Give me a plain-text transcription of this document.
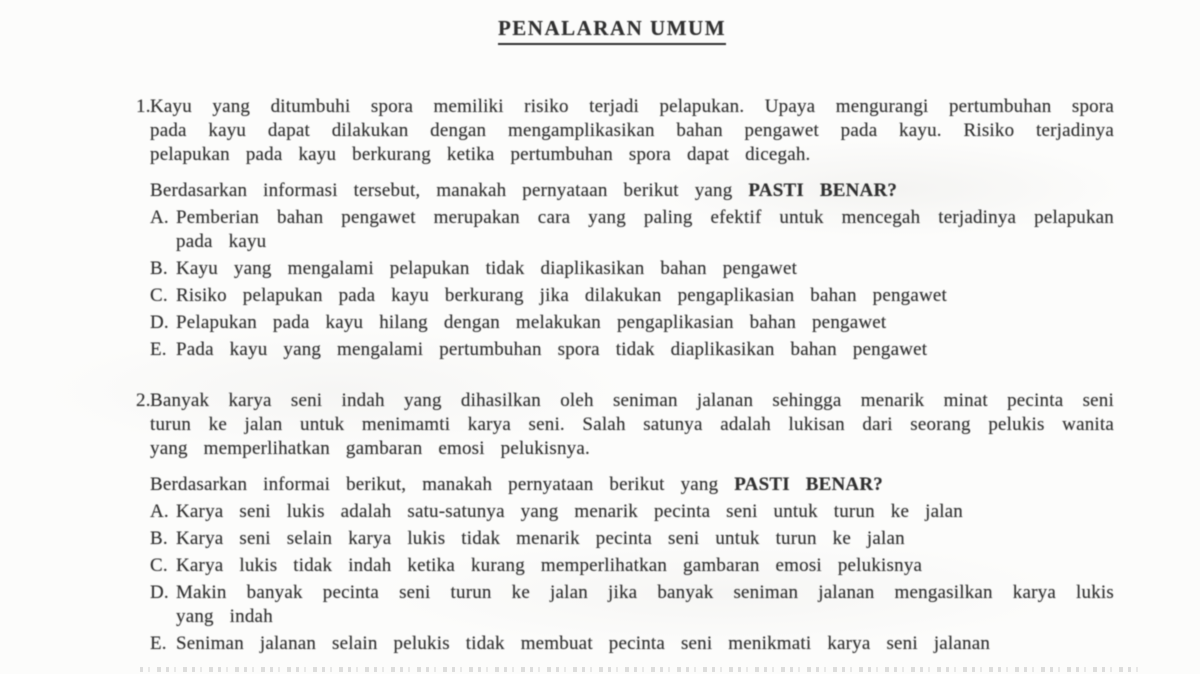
PENALARAN UMUM
1. Kayu yang ditumbuhi spora memiliki risiko terjadi pelapukan. Upaya mengurangi pertumbuhan spora pada kayu dapat dilakukan dengan mengamplikasikan bahan pengawet pada kayu. Risiko terjadinya pelapukan pada kayu berkurang ketika pertumbuhan spora dapat dicegah.

Berdasarkan informasi tersebut, manakah pernyataan berikut yang PASTI BENAR?
A. Pemberian bahan pengawet merupakan cara yang paling efektif untuk mencegah terjadinya pelapukan pada kayu
B. Kayu yang mengalami pelapukan tidak diaplikasikan bahan pengawet
C. Risiko pelapukan pada kayu berkurang jika dilakukan pengaplikasian bahan pengawet
D. Pelapukan pada kayu hilang dengan melakukan pengaplikasian bahan pengawet
E. Pada kayu yang mengalami pertumbuhan spora tidak diaplikasikan bahan pengawet
2. Banyak karya seni indah yang dihasilkan oleh seniman jalanan sehingga menarik minat pecinta seni turun ke jalan untuk menimamti karya seni. Salah satunya adalah lukisan dari seorang pelukis wanita yang memperlihatkan gambaran emosi pelukisnya.

Berdasarkan informai berikut, manakah pernyataan berikut yang PASTI BENAR?
A. Karya seni lukis adalah satu-satunya yang menarik pecinta seni untuk turun ke jalan
B. Karya seni selain karya lukis tidak menarik pecinta seni untuk turun ke jalan
C. Karya lukis tidak indah ketika kurang memperlihatkan gambaran emosi pelukisnya
D. Makin banyak pecinta seni turun ke jalan jika banyak seniman jalanan mengasilkan karya lukis yang indah
E. Seniman jalanan selain pelukis tidak membuat pecinta seni menikmati karya seni jalanan
